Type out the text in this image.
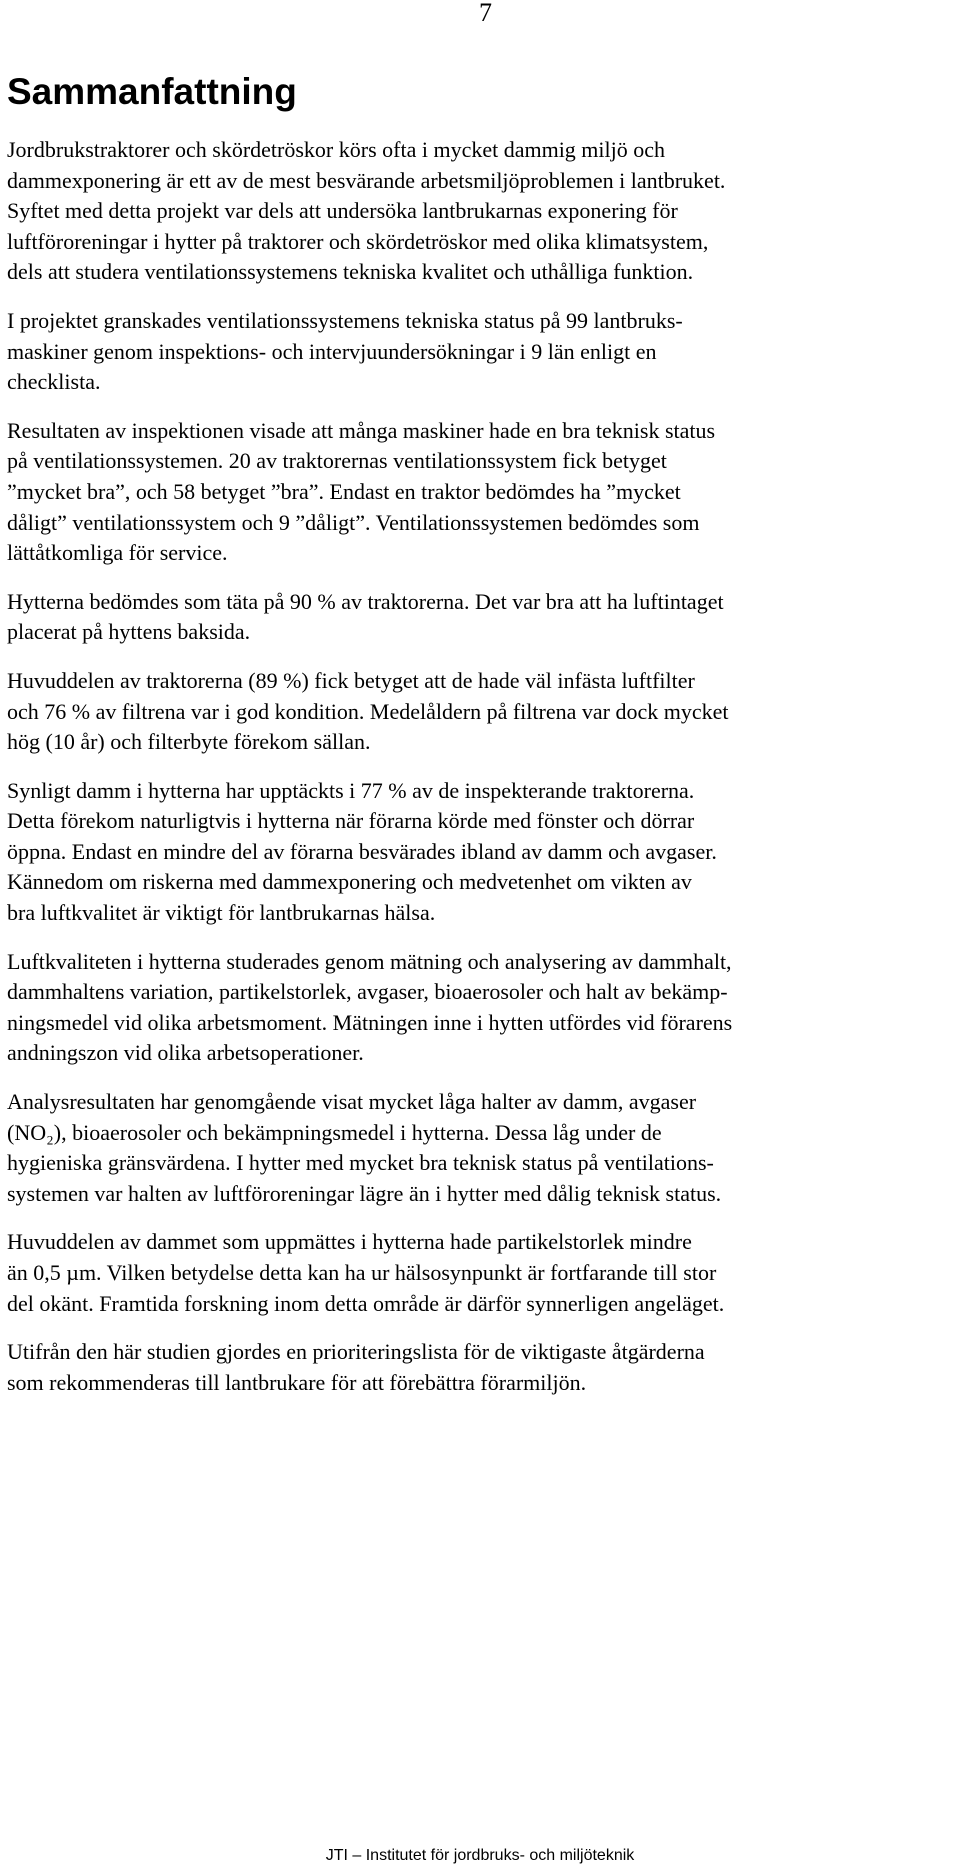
7
Sammanfattning

Jordbrukstraktorer och skördetröskor körs ofta i mycket dammig miljö och
dammexponering är ett av de mest besvärande arbetsmiljöproblemen i lantbruket.
Syftet med detta projekt var dels att undersöka lantbrukarnas exponering för
luftföroreningar i hytter på traktorer och skördetröskor med olika klimatsystem,
dels att studera ventilationssystemens tekniska kvalitet och uthålliga funktion.

I projektet granskades ventilationssystemens tekniska status på 99 lantbruks-
maskiner genom inspektions- och intervjuundersökningar i 9 län enligt en
checklista.

Resultaten av inspektionen visade att många maskiner hade en bra teknisk status
på ventilationssystemen. 20 av traktorernas ventilationssystem fick betyget
”mycket bra”, och 58 betyget ”bra”. Endast en traktor bedömdes ha ”mycket
dåligt” ventilationssystem och 9 ”dåligt”. Ventilationssystemen bedömdes som
lättåtkomliga för service.

Hytterna bedömdes som täta på 90 % av traktorerna. Det var bra att ha luftintaget
placerat på hyttens baksida.

Huvuddelen av traktorerna (89 %) fick betyget att de hade väl infästa luftfilter
och 76 % av filtrena var i god kondition. Medelåldern på filtrena var dock mycket
hög (10 år) och filterbyte förekom sällan.

Synligt damm i hytterna har upptäckts i 77 % av de inspekterande traktorerna.
Detta förekom naturligtvis i hytterna när förarna körde med fönster och dörrar
öppna. Endast en mindre del av förarna besvärades ibland av damm och avgaser.
Kännedom om riskerna med dammexponering och medvetenhet om vikten av
bra luftkvalitet är viktigt för lantbrukarnas hälsa.

Luftkvaliteten i hytterna studerades genom mätning och analysering av dammhalt,
dammhaltens variation, partikelstorlek, avgaser, bioaerosoler och halt av bekämp-
ningsmedel vid olika arbetsmoment. Mätningen inne i hytten utfördes vid förarens
andningszon vid olika arbetsoperationer.

Analysresultaten har genomgående visat mycket låga halter av damm, avgaser
(NO₂), bioaerosoler och bekämpningsmedel i hytterna. Dessa låg under de
hygieniska gränsvärdena. I hytter med mycket bra teknisk status på ventilations-
systemen var halten av luftföroreningar lägre än i hytter med dålig teknisk status.

Huvuddelen av dammet som uppmättes i hytterna hade partikelstorlek mindre
än 0,5 µm. Vilken betydelse detta kan ha ur hälsosynpunkt är fortfarande till stor
del okänt. Framtida forskning inom detta område är därför synnerligen angeläget.

Utifrån den här studien gjordes en prioriteringslista för de viktigaste åtgärderna
som rekommenderas till lantbrukare för att förebättra förarmiljön.

JTI – Institutet för jordbruks- och miljöteknik
